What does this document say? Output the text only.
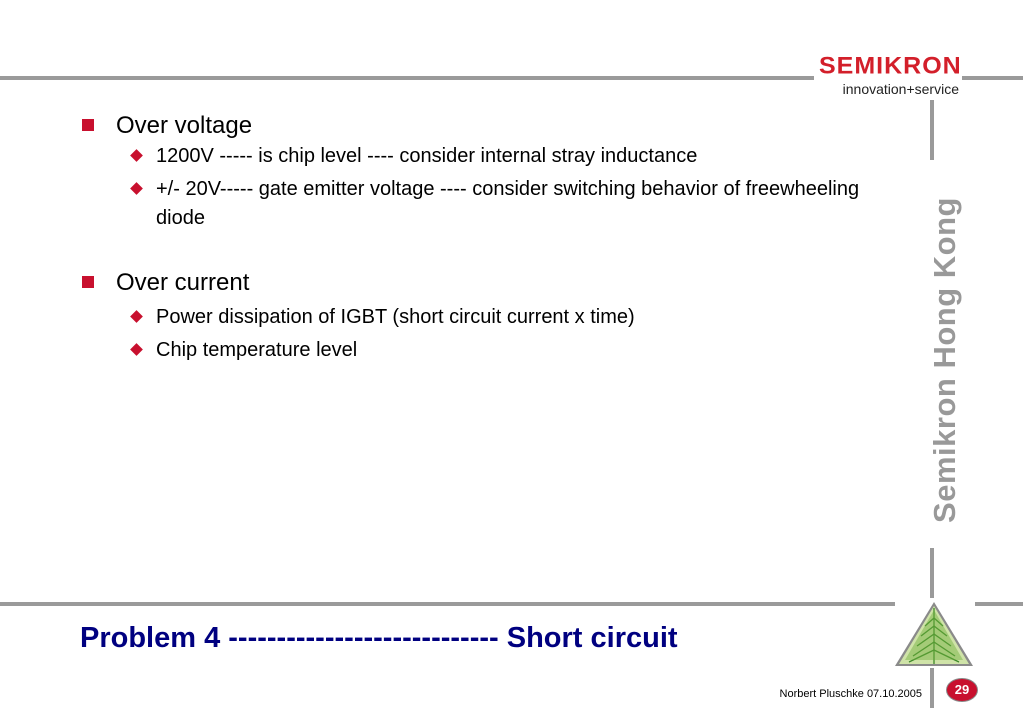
SEMIKRON
innovation+service
Semikron Hong Kong

Over voltage

1200V ----- is chip level ---- consider internal stray inductance

+/- 20V----- gate emitter voltage ---- consider switching behavior of freewheeling diode

Over current

Power dissipation of IGBT (short circuit current x time)

Chip temperature level

Problem 4 ---------------------------- Short circuit
Norbert Pluschke 07.10.2005	29
